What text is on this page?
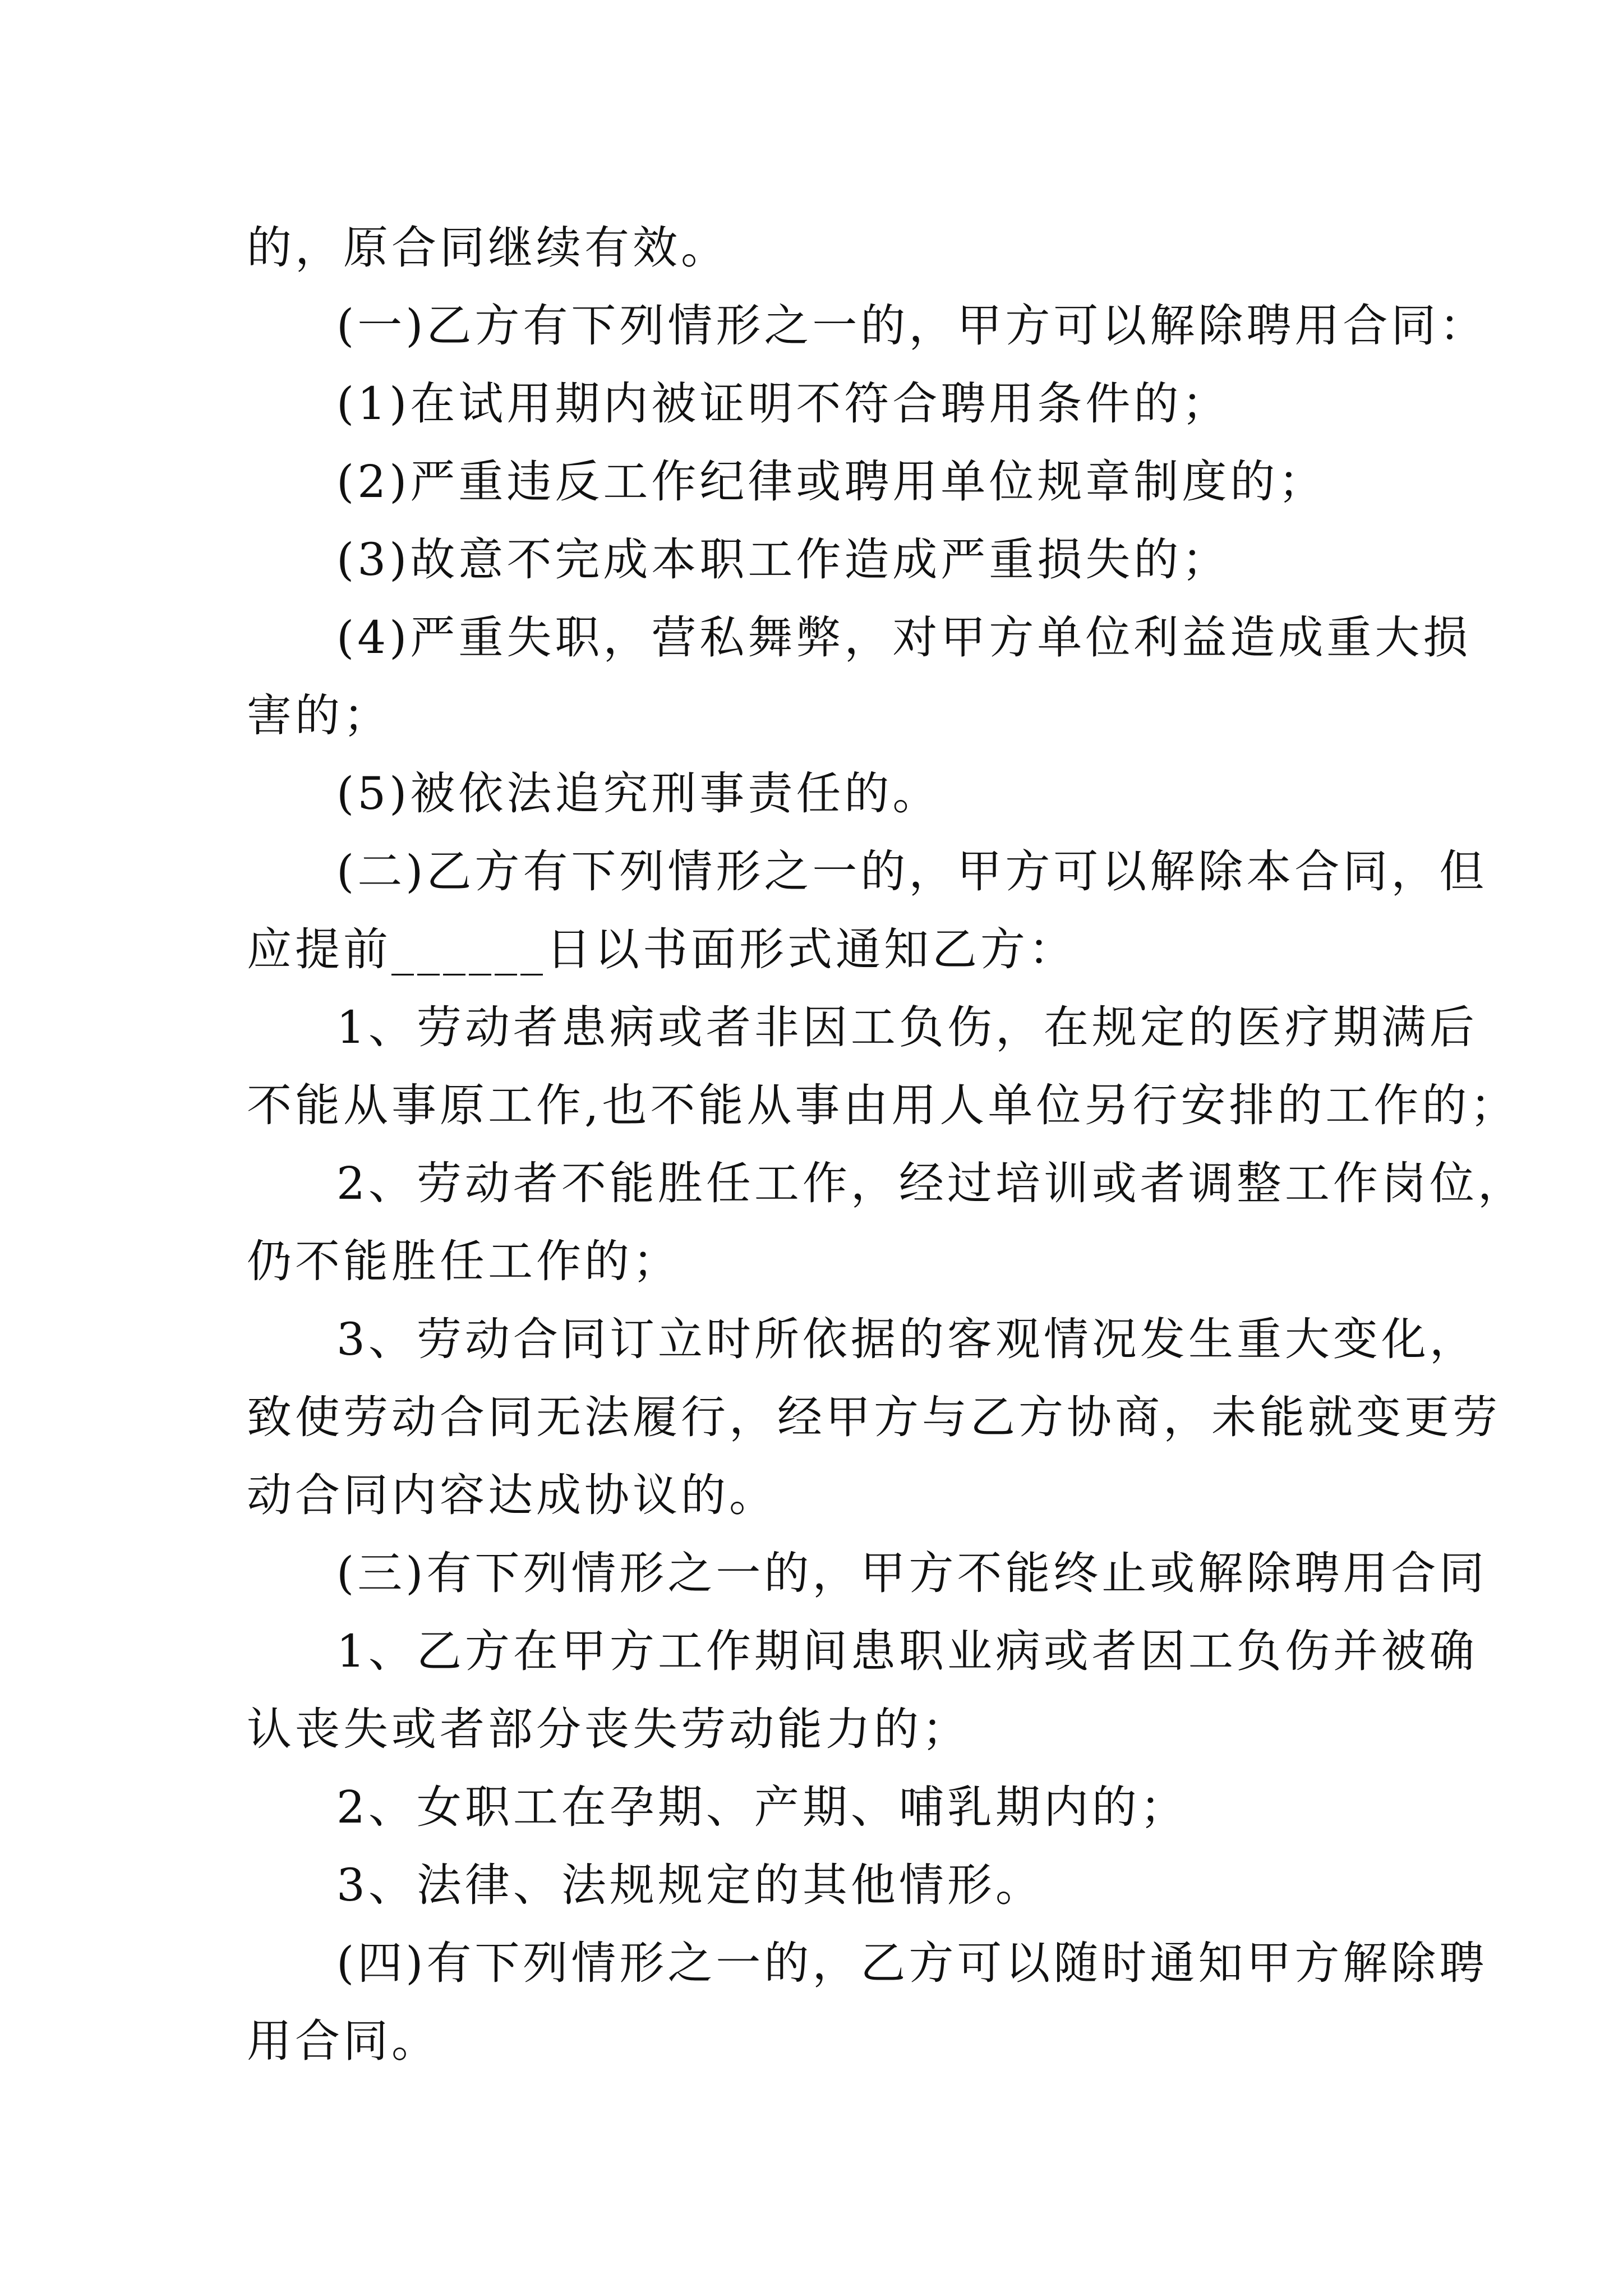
的，原合同继续有效。
(一)乙方有下列情形之一的，甲方可以解除聘用合同：
(1)在试用期内被证明不符合聘用条件的；
(2)严重违反工作纪律或聘用单位规章制度的；
(3)故意不完成本职工作造成严重损失的；
(4)严重失职，营私舞弊，对甲方单位利益造成重大损
害的；
(5)被依法追究刑事责任的。
(二)乙方有下列情形之一的，甲方可以解除本合同，但
应提前______日以书面形式通知乙方：
1、劳动者患病或者非因工负伤，在规定的医疗期满后
不能从事原工作,也不能从事由用人单位另行安排的工作的；
2、劳动者不能胜任工作，经过培训或者调整工作岗位，
仍不能胜任工作的；
3、劳动合同订立时所依据的客观情况发生重大变化，
致使劳动合同无法履行，经甲方与乙方协商，未能就变更劳
动合同内容达成协议的。
(三)有下列情形之一的，甲方不能终止或解除聘用合同
1、乙方在甲方工作期间患职业病或者因工负伤并被确
认丧失或者部分丧失劳动能力的；
2、女职工在孕期、产期、哺乳期内的；
3、法律、法规规定的其他情形。
(四)有下列情形之一的，乙方可以随时通知甲方解除聘
用合同。
